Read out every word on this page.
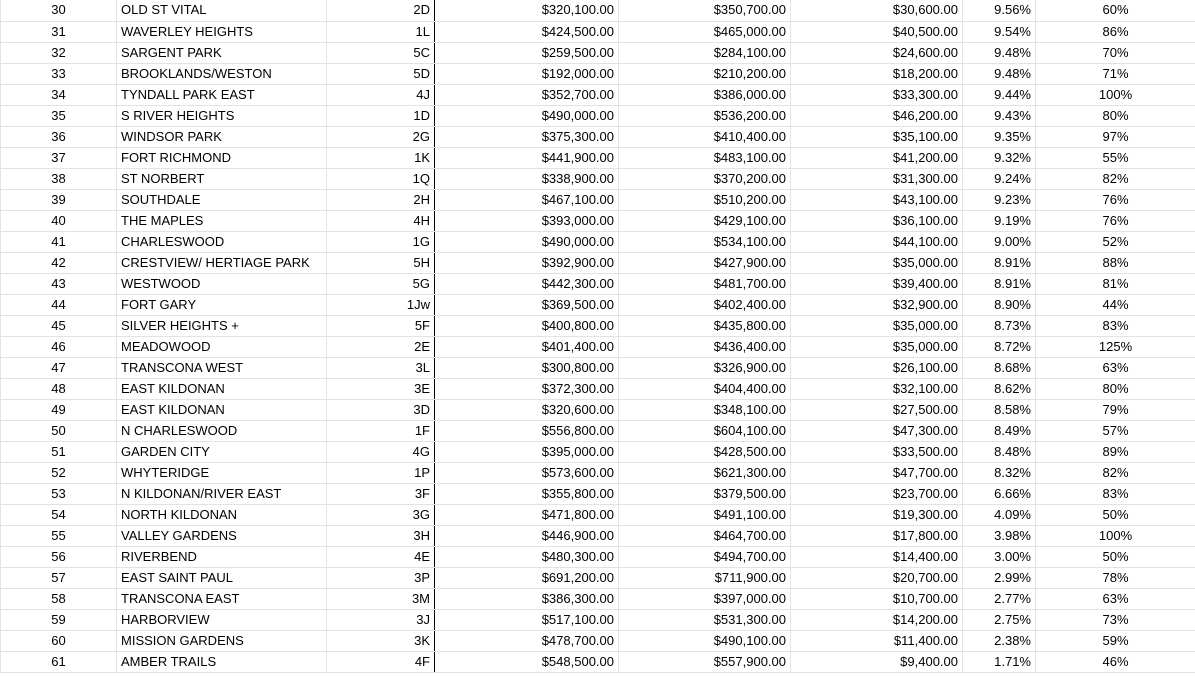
30	OLD ST VITAL	2D	$320,100.00	$350,700.00	$30,600.00	9.56%	60%
31	WAVERLEY HEIGHTS	1L	$424,500.00	$465,000.00	$40,500.00	9.54%	86%
32	SARGENT PARK	5C	$259,500.00	$284,100.00	$24,600.00	9.48%	70%
33	BROOKLANDS/WESTON	5D	$192,000.00	$210,200.00	$18,200.00	9.48%	71%
34	TYNDALL PARK EAST	4J	$352,700.00	$386,000.00	$33,300.00	9.44%	100%
35	S RIVER HEIGHTS	1D	$490,000.00	$536,200.00	$46,200.00	9.43%	80%
36	WINDSOR PARK	2G	$375,300.00	$410,400.00	$35,100.00	9.35%	97%
37	FORT RICHMOND	1K	$441,900.00	$483,100.00	$41,200.00	9.32%	55%
38	ST NORBERT	1Q	$338,900.00	$370,200.00	$31,300.00	9.24%	82%
39	SOUTHDALE	2H	$467,100.00	$510,200.00	$43,100.00	9.23%	76%
40	THE MAPLES	4H	$393,000.00	$429,100.00	$36,100.00	9.19%	76%
41	CHARLESWOOD	1G	$490,000.00	$534,100.00	$44,100.00	9.00%	52%
42	CRESTVIEW/ HERTIAGE PARK	5H	$392,900.00	$427,900.00	$35,000.00	8.91%	88%
43	WESTWOOD	5G	$442,300.00	$481,700.00	$39,400.00	8.91%	81%
44	FORT GARY	1Jw	$369,500.00	$402,400.00	$32,900.00	8.90%	44%
45	SILVER HEIGHTS +	5F	$400,800.00	$435,800.00	$35,000.00	8.73%	83%
46	MEADOWOOD	2E	$401,400.00	$436,400.00	$35,000.00	8.72%	125%
47	TRANSCONA WEST	3L	$300,800.00	$326,900.00	$26,100.00	8.68%	63%
48	EAST KILDONAN	3E	$372,300.00	$404,400.00	$32,100.00	8.62%	80%
49	EAST KILDONAN	3D	$320,600.00	$348,100.00	$27,500.00	8.58%	79%
50	N CHARLESWOOD	1F	$556,800.00	$604,100.00	$47,300.00	8.49%	57%
51	GARDEN CITY	4G	$395,000.00	$428,500.00	$33,500.00	8.48%	89%
52	WHYTERIDGE	1P	$573,600.00	$621,300.00	$47,700.00	8.32%	82%
53	N KILDONAN/RIVER EAST	3F	$355,800.00	$379,500.00	$23,700.00	6.66%	83%
54	NORTH KILDONAN	3G	$471,800.00	$491,100.00	$19,300.00	4.09%	50%
55	VALLEY GARDENS	3H	$446,900.00	$464,700.00	$17,800.00	3.98%	100%
56	RIVERBEND	4E	$480,300.00	$494,700.00	$14,400.00	3.00%	50%
57	EAST SAINT PAUL	3P	$691,200.00	$711,900.00	$20,700.00	2.99%	78%
58	TRANSCONA EAST	3M	$386,300.00	$397,000.00	$10,700.00	2.77%	63%
59	HARBORVIEW	3J	$517,100.00	$531,300.00	$14,200.00	2.75%	73%
60	MISSION GARDENS	3K	$478,700.00	$490,100.00	$11,400.00	2.38%	59%
61	AMBER TRAILS	4F	$548,500.00	$557,900.00	$9,400.00	1.71%	46%
